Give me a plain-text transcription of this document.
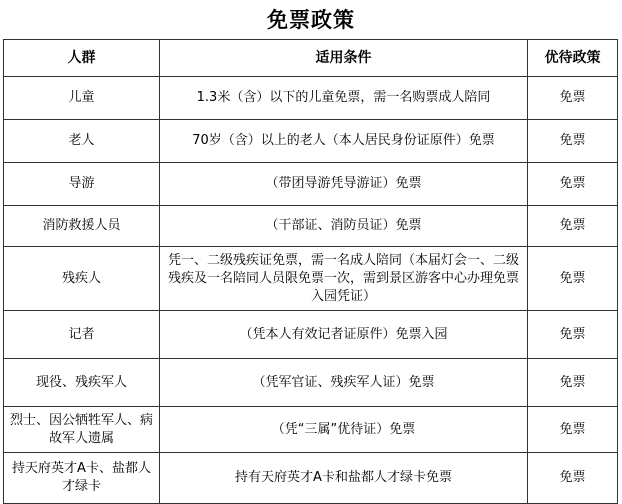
免票政策
人群	适用条件	优待政策
儿童	1.3米（含）以下的儿童免票，需一名购票成人陪同	免票
老人	70岁（含）以上的老人（本人居民身份证原件）免票	免票
导游	（带团导游凭导游证）免票	免票
消防救援人员	（干部证、消防员证）免票	免票
残疾人	凭一、二级残疾证免票，需一名成人陪同（本届灯会一、二级残疾及一名陪同人员限免票一次，需到景区游客中心办理免票入园凭证）	免票
记者	（凭本人有效记者证原件）免票入园	免票
现役、残疾军人	（凭军官证、残疾军人证）免票	免票
烈士、因公牺牲军人、病故军人遗属	（凭“三属”优待证）免票	免票
持天府英才A卡、盐都人才绿卡	持有天府英才A卡和盐都人才绿卡免票	免票
